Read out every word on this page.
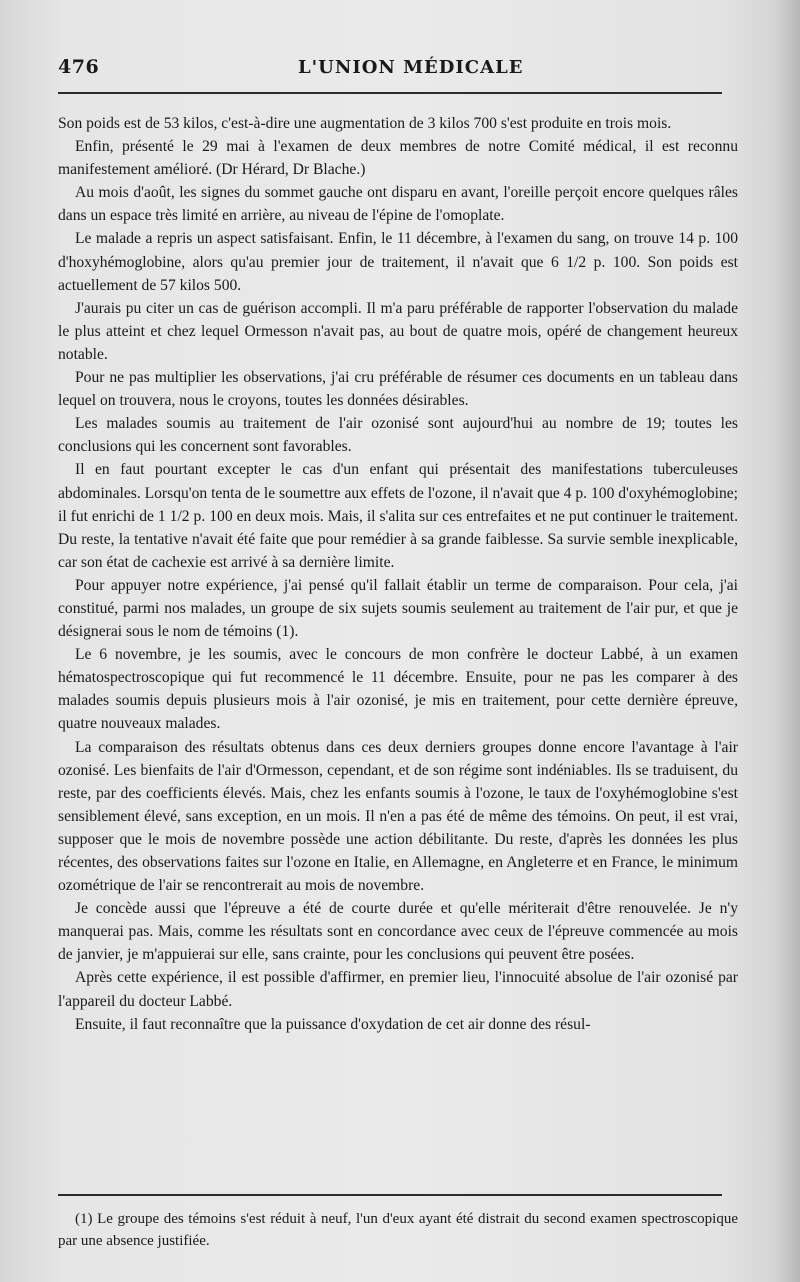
476	L'UNION MÉDICALE

Son poids est de 53 kilos, c'est-à-dire une augmentation de 3 kilos 700 s'est produite en trois mois.

Enfin, présenté le 29 mai à l'examen de deux membres de notre Comité médical, il est reconnu manifestement amélioré. (Dr Hérard, Dr Blache.)

Au mois d'août, les signes du sommet gauche ont disparu en avant, l'oreille perçoit encore quelques râles dans un espace très limité en arrière, au niveau de l'épine de l'omoplate.

Le malade a repris un aspect satisfaisant. Enfin, le 11 décembre, à l'examen du sang, on trouve 14 p. 100 d'hoxyhémoglobine, alors qu'au premier jour de traitement, il n'avait que 6 1/2 p. 100. Son poids est actuellement de 57 kilos 500.

J'aurais pu citer un cas de guérison accompli. Il m'a paru préférable de rapporter l'observation du malade le plus atteint et chez lequel Ormesson n'avait pas, au bout de quatre mois, opéré de changement heureux notable.

Pour ne pas multiplier les observations, j'ai cru préférable de résumer ces documents en un tableau dans lequel on trouvera, nous le croyons, toutes les données désirables.

Les malades soumis au traitement de l'air ozonisé sont aujourd'hui au nombre de 19; toutes les conclusions qui les concernent sont favorables.

Il en faut pourtant excepter le cas d'un enfant qui présentait des manifestations tuberculeuses abdominales. Lorsqu'on tenta de le soumettre aux effets de l'ozone, il n'avait que 4 p. 100 d'oxyhémoglobine; il fut enrichi de 1 1/2 p. 100 en deux mois. Mais, il s'alita sur ces entrefaites et ne put continuer le traitement. Du reste, la tentative n'avait été faite que pour remédier à sa grande faiblesse. Sa survie semble inexplicable, car son état de cachexie est arrivé à sa dernière limite.

Pour appuyer notre expérience, j'ai pensé qu'il fallait établir un terme de comparaison. Pour cela, j'ai constitué, parmi nos malades, un groupe de six sujets soumis seulement au traitement de l'air pur, et que je désignerai sous le nom de témoins (1).

Le 6 novembre, je les soumis, avec le concours de mon confrère le docteur Labbé, à un examen hématospectroscopique qui fut recommencé le 11 décembre. Ensuite, pour ne pas les comparer à des malades soumis depuis plusieurs mois à l'air ozonisé, je mis en traitement, pour cette dernière épreuve, quatre nouveaux malades.

La comparaison des résultats obtenus dans ces deux derniers groupes donne encore l'avantage à l'air ozonisé. Les bienfaits de l'air d'Ormesson, cependant, et de son régime sont indéniables. Ils se traduisent, du reste, par des coefficients élevés. Mais, chez les enfants soumis à l'ozone, le taux de l'oxyhémoglobine s'est sensiblement élevé, sans exception, en un mois. Il n'en a pas été de même des témoins. On peut, il est vrai, supposer que le mois de novembre possède une action débilitante. Du reste, d'après les données les plus récentes, des observations faites sur l'ozone en Italie, en Allemagne, en Angleterre et en France, le minimum ozométrique de l'air se rencontrerait au mois de novembre.

Je concède aussi que l'épreuve a été de courte durée et qu'elle mériterait d'être renouvelée. Je n'y manquerai pas. Mais, comme les résultats sont en concordance avec ceux de l'épreuve commencée au mois de janvier, je m'appuierai sur elle, sans crainte, pour les conclusions qui peuvent être posées.

Après cette expérience, il est possible d'affirmer, en premier lieu, l'innocuité absolue de l'air ozonisé par l'appareil du docteur Labbé.

Ensuite, il faut reconnaître que la puissance d'oxydation de cet air donne des résul-

(1) Le groupe des témoins s'est réduit à neuf, l'un d'eux ayant été distrait du second examen spectroscopique par une absence justifiée.
